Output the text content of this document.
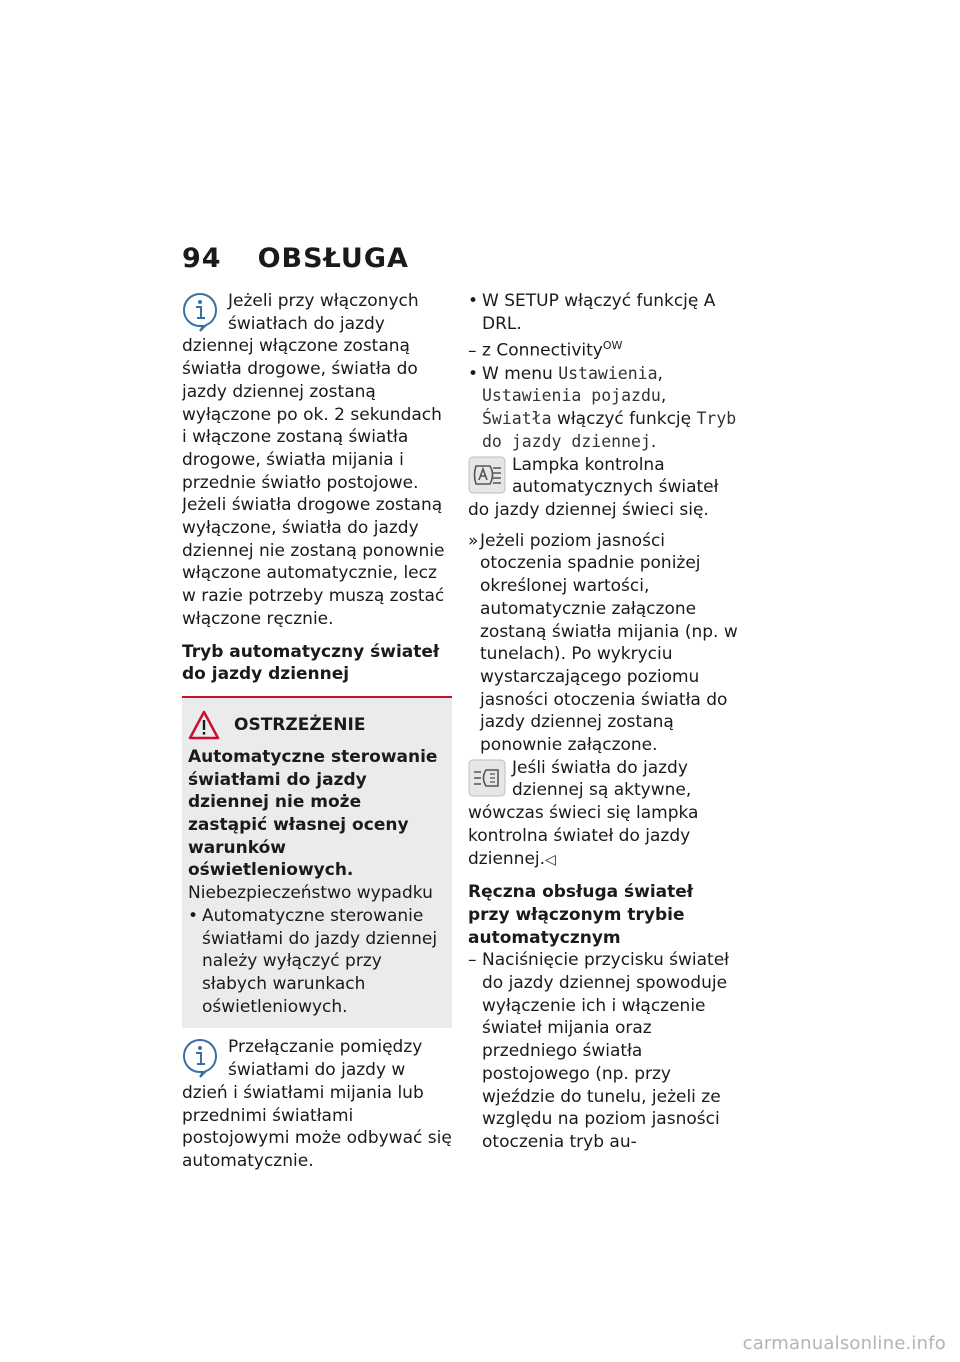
94 OBSŁUGA

Jeżeli przy włączonych światłach do jazdy dziennej włączone zostaną światła drogowe, światła do jazdy dziennej zostaną wyłączone po ok. 2 sekundach i włączone zostaną światła drogowe, światła mijania i przednie światło postojowe.

Jeżeli światła drogowe zostaną wyłączone, światła do jazdy dziennej nie zostaną ponownie włączone automatycznie, lecz w razie potrzeby muszą zostać włączone ręcznie.

Tryb automatyczny świateł do jazdy dziennej

OSTRZEŻENIE

Automatyczne sterowanie światłami do jazdy dziennej nie może zastąpić własnej oceny warunków oświetleniowych.

Niebezpieczeństwo wypadku

• Automatyczne sterowanie światłami do jazdy dziennej należy wyłączyć przy słabych warunkach oświetleniowych.

Przełączanie pomiędzy światłami do jazdy w dzień i światłami mijania lub przednimi światłami postojowymi może odbywać się automatycznie.

• W SETUP włączyć funkcję A DRL.

– z Connectivity$^{OW}$

• W menu Ustawienia, Ustawienia pojazdu, Światła włączyć funkcję Tryb do jazdy dziennej.

Lampka kontrolna automatycznych świateł do jazdy dziennej świeci się.

» Jeżeli poziom jasności otoczenia spadnie poniżej określonej wartości, automatycznie załączone zostaną światła mijania (np. w tunelach). Po wykryciu wystarczającego poziomu jasności otoczenia światła do jazdy dziennej zostaną ponownie załączone.

Jeśli światła do jazdy dziennej są aktywne, wówczas świeci się lampka kontrolna świateł do jazdy dziennej.◁

Ręczna obsługa świateł przy włączonym trybie automatycznym

– Naciśnięcie przycisku świateł do jazdy dziennej spowoduje wyłączenie ich i włączenie świateł mijania oraz przedniego światła postojowego (np. przy wjeździe do tunelu, jeżeli ze względu na poziom jasności otoczenia tryb au-

carmanualsonline.info
